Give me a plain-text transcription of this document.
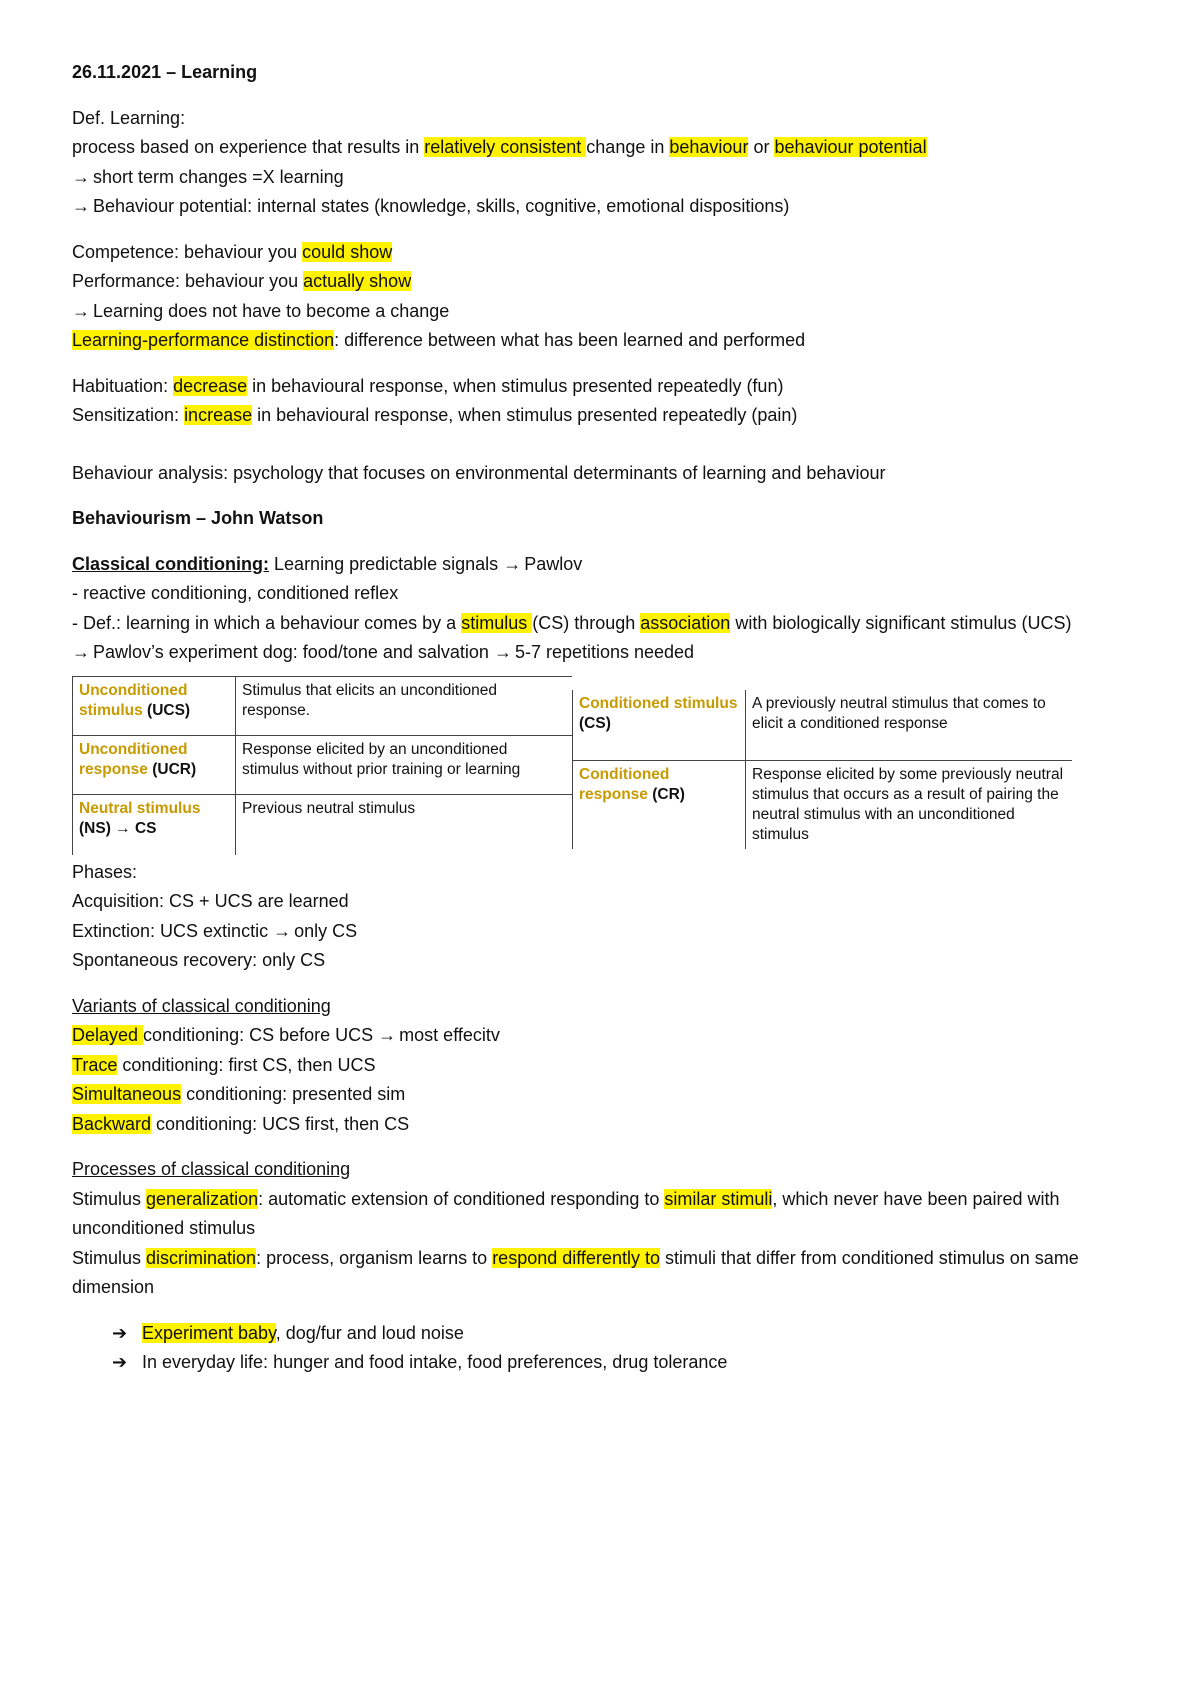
26.11.2021 – Learning
Def. Learning:
process based on experience that results in relatively consistent change in behaviour or behaviour potential
→ short term changes =X learning
→ Behaviour potential: internal states (knowledge, skills, cognitive, emotional dispositions)
Competence: behaviour you could show
Performance: behaviour you actually show
→ Learning does not have to become a change
Learning-performance distinction: difference between what has been learned and performed
Habituation: decrease in behavioural response, when stimulus presented repeatedly (fun)
Sensitization: increase in behavioural response, when stimulus presented repeatedly (pain)
Behaviour analysis: psychology that focuses on environmental determinants of learning and behaviour
Behaviourism – John Watson
Classical conditioning: Learning predictable signals → Pawlov
- reactive conditioning, conditioned reflex
- Def.: learning in which a behaviour comes by a stimulus (CS) through association with biologically significant stimulus (UCS)
→ Pawlov’s experiment dog: food/tone and salvation → 5-7 repetitions needed
Unconditioned stimulus (UCS)	Stimulus that elicits an unconditioned response.
Unconditioned response (UCR)	Response elicited by an unconditioned stimulus without prior training or learning
Neutral stimulus (NS) → CS	Previous neutral stimulus
Conditioned stimulus (CS)	A previously neutral stimulus that comes to elicit a conditioned response
Conditioned response (CR)	Response elicited by some previously neutral stimulus that occurs as a result of pairing the neutral stimulus with an unconditioned stimulus
Phases:
Acquisition: CS + UCS are learned
Extinction: UCS extinctic → only CS
Spontaneous recovery: only CS
Variants of classical conditioning
Delayed conditioning: CS before UCS → most effecitv
Trace conditioning: first CS, then UCS
Simultaneous conditioning: presented sim
Backward conditioning: UCS first, then CS
Processes of classical conditioning
Stimulus generalization: automatic extension of conditioned responding to similar stimuli, which never have been paired with unconditioned stimulus
Stimulus discrimination: process, organism learns to respond differently to stimuli that differ from conditioned stimulus on same dimension
➔ Experiment baby, dog/fur and loud noise
➔ In everyday life: hunger and food intake, food preferences, drug tolerance
